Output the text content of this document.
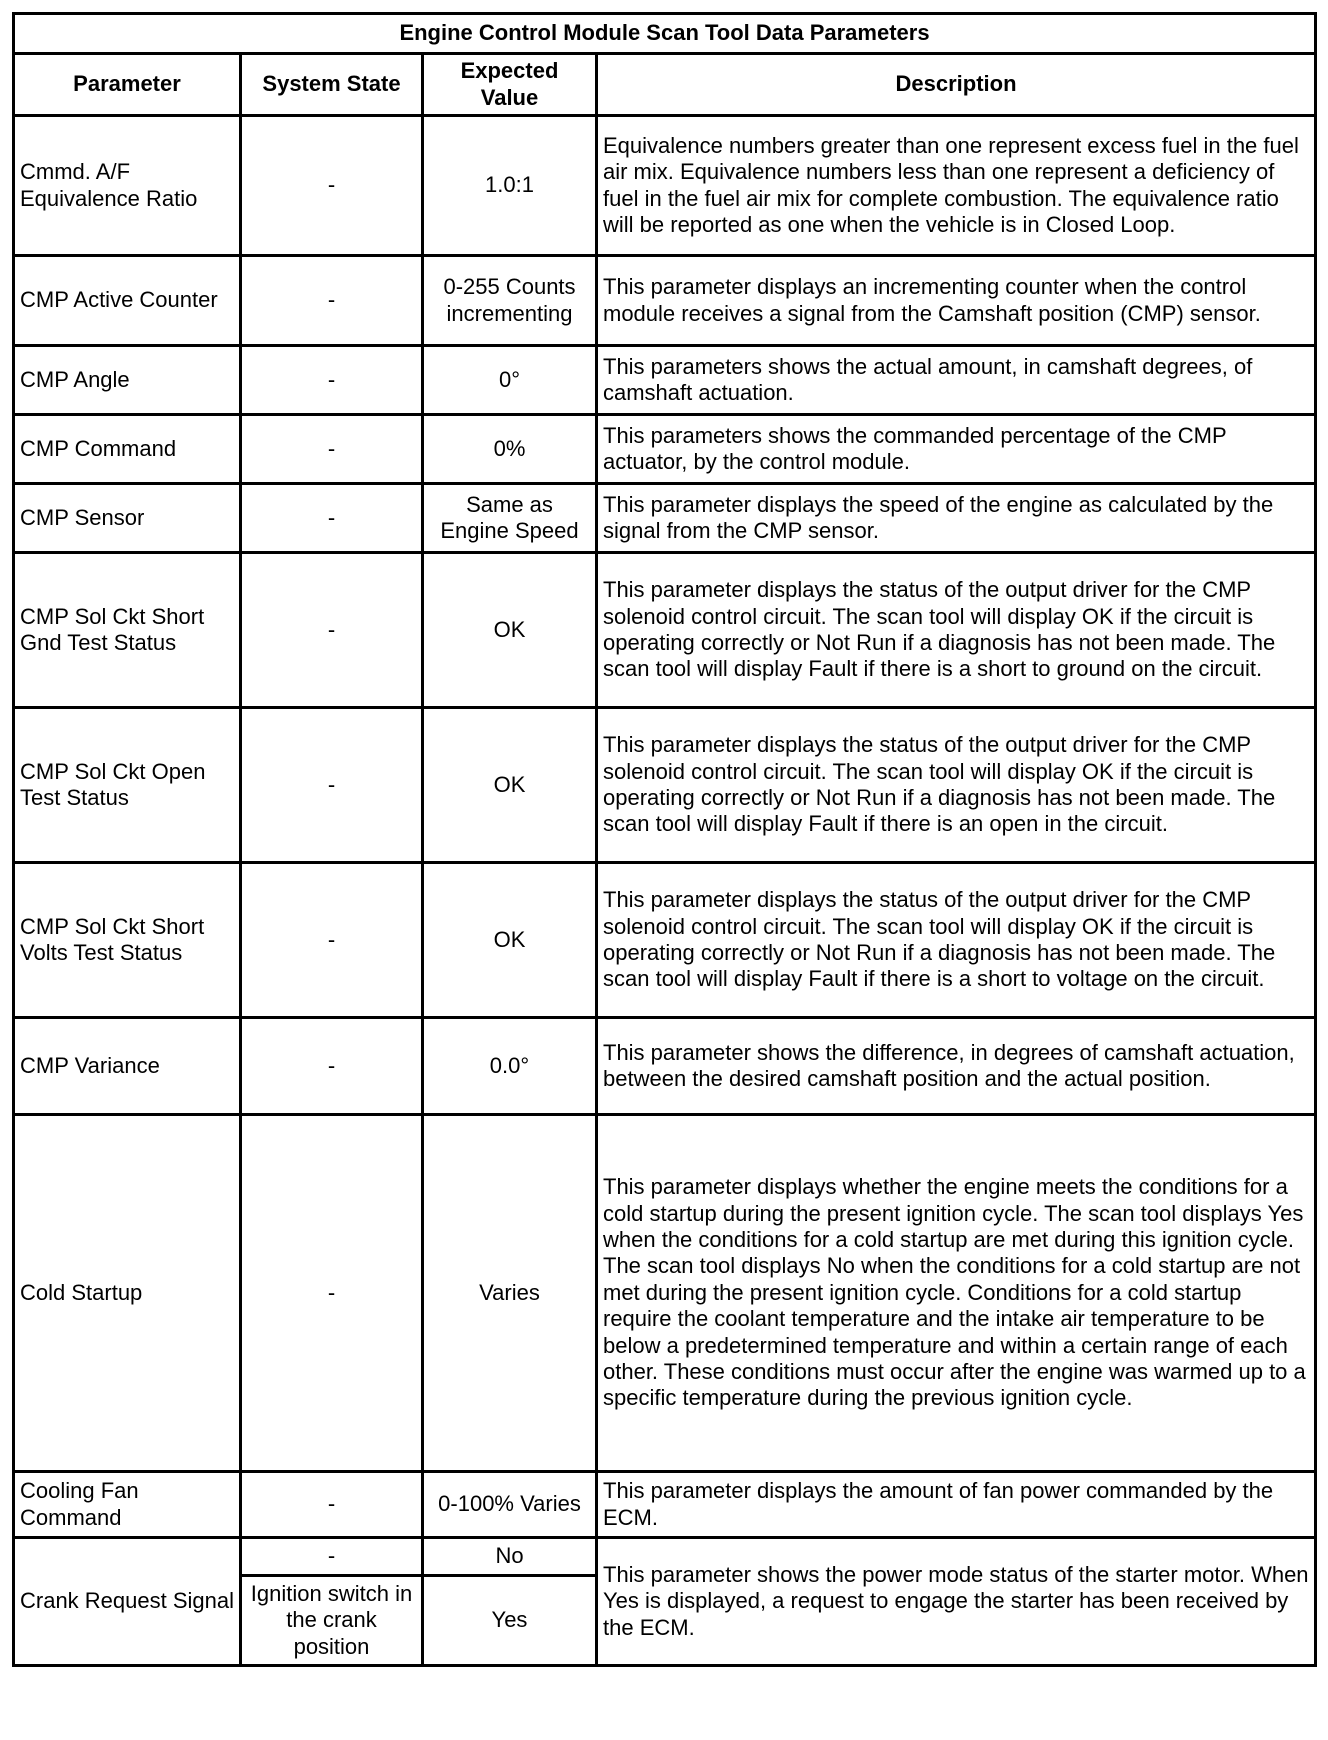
Engine Control Module Scan Tool Data Parameters			
Parameter	System State	Expected Value	Description
Cmmd. A/F Equivalence Ratio	-	1.0:1	Equivalence numbers greater than one represent excess fuel in the fuel air mix. Equivalence numbers less than one represent a deficiency of fuel in the fuel air mix for complete combustion. The equivalence ratio will be reported as one when the vehicle is in Closed Loop.
CMP Active Counter	-	0-255 Counts incrementing	This parameter displays an incrementing counter when the control module receives a signal from the Camshaft position (CMP) sensor.
CMP Angle	-	0°	This parameters shows the actual amount, in camshaft degrees, of camshaft actuation.
CMP Command	-	0%	This parameters shows the commanded percentage of the CMP actuator, by the control module.
CMP Sensor	-	Same as Engine Speed	This parameter displays the speed of the engine as calculated by the signal from the CMP sensor.
CMP Sol Ckt Short Gnd Test Status	-	OK	This parameter displays the status of the output driver for the CMP solenoid control circuit. The scan tool will display OK if the circuit is operating correctly or Not Run if a diagnosis has not been made. The scan tool will display Fault if there is a short to ground on the circuit.
CMP Sol Ckt Open Test Status	-	OK	This parameter displays the status of the output driver for the CMP solenoid control circuit. The scan tool will display OK if the circuit is operating correctly or Not Run if a diagnosis has not been made. The scan tool will display Fault if there is an open in the circuit.
CMP Sol Ckt Short Volts Test Status	-	OK	This parameter displays the status of the output driver for the CMP solenoid control circuit. The scan tool will display OK if the circuit is operating correctly or Not Run if a diagnosis has not been made. The scan tool will display Fault if there is a short to voltage on the circuit.
CMP Variance	-	0.0°	This parameter shows the difference, in degrees of camshaft actuation, between the desired camshaft position and the actual position.
Cold Startup	-	Varies	This parameter displays whether the engine meets the conditions for a cold startup during the present ignition cycle. The scan tool displays Yes when the conditions for a cold startup are met during this ignition cycle. The scan tool displays No when the conditions for a cold startup are not met during the present ignition cycle. Conditions for a cold startup require the coolant temperature and the intake air temperature to be below a predetermined temperature and within a certain range of each other. These conditions must occur after the engine was warmed up to a specific temperature during the previous ignition cycle.
Cooling Fan Command	-	0-100% Varies	This parameter displays the amount of fan power commanded by the ECM.
Crank Request Signal	-	No	This parameter shows the power mode status of the starter motor. When Yes is displayed, a request to engage the starter has been received by the ECM.
	Ignition switch in the crank position	Yes	
